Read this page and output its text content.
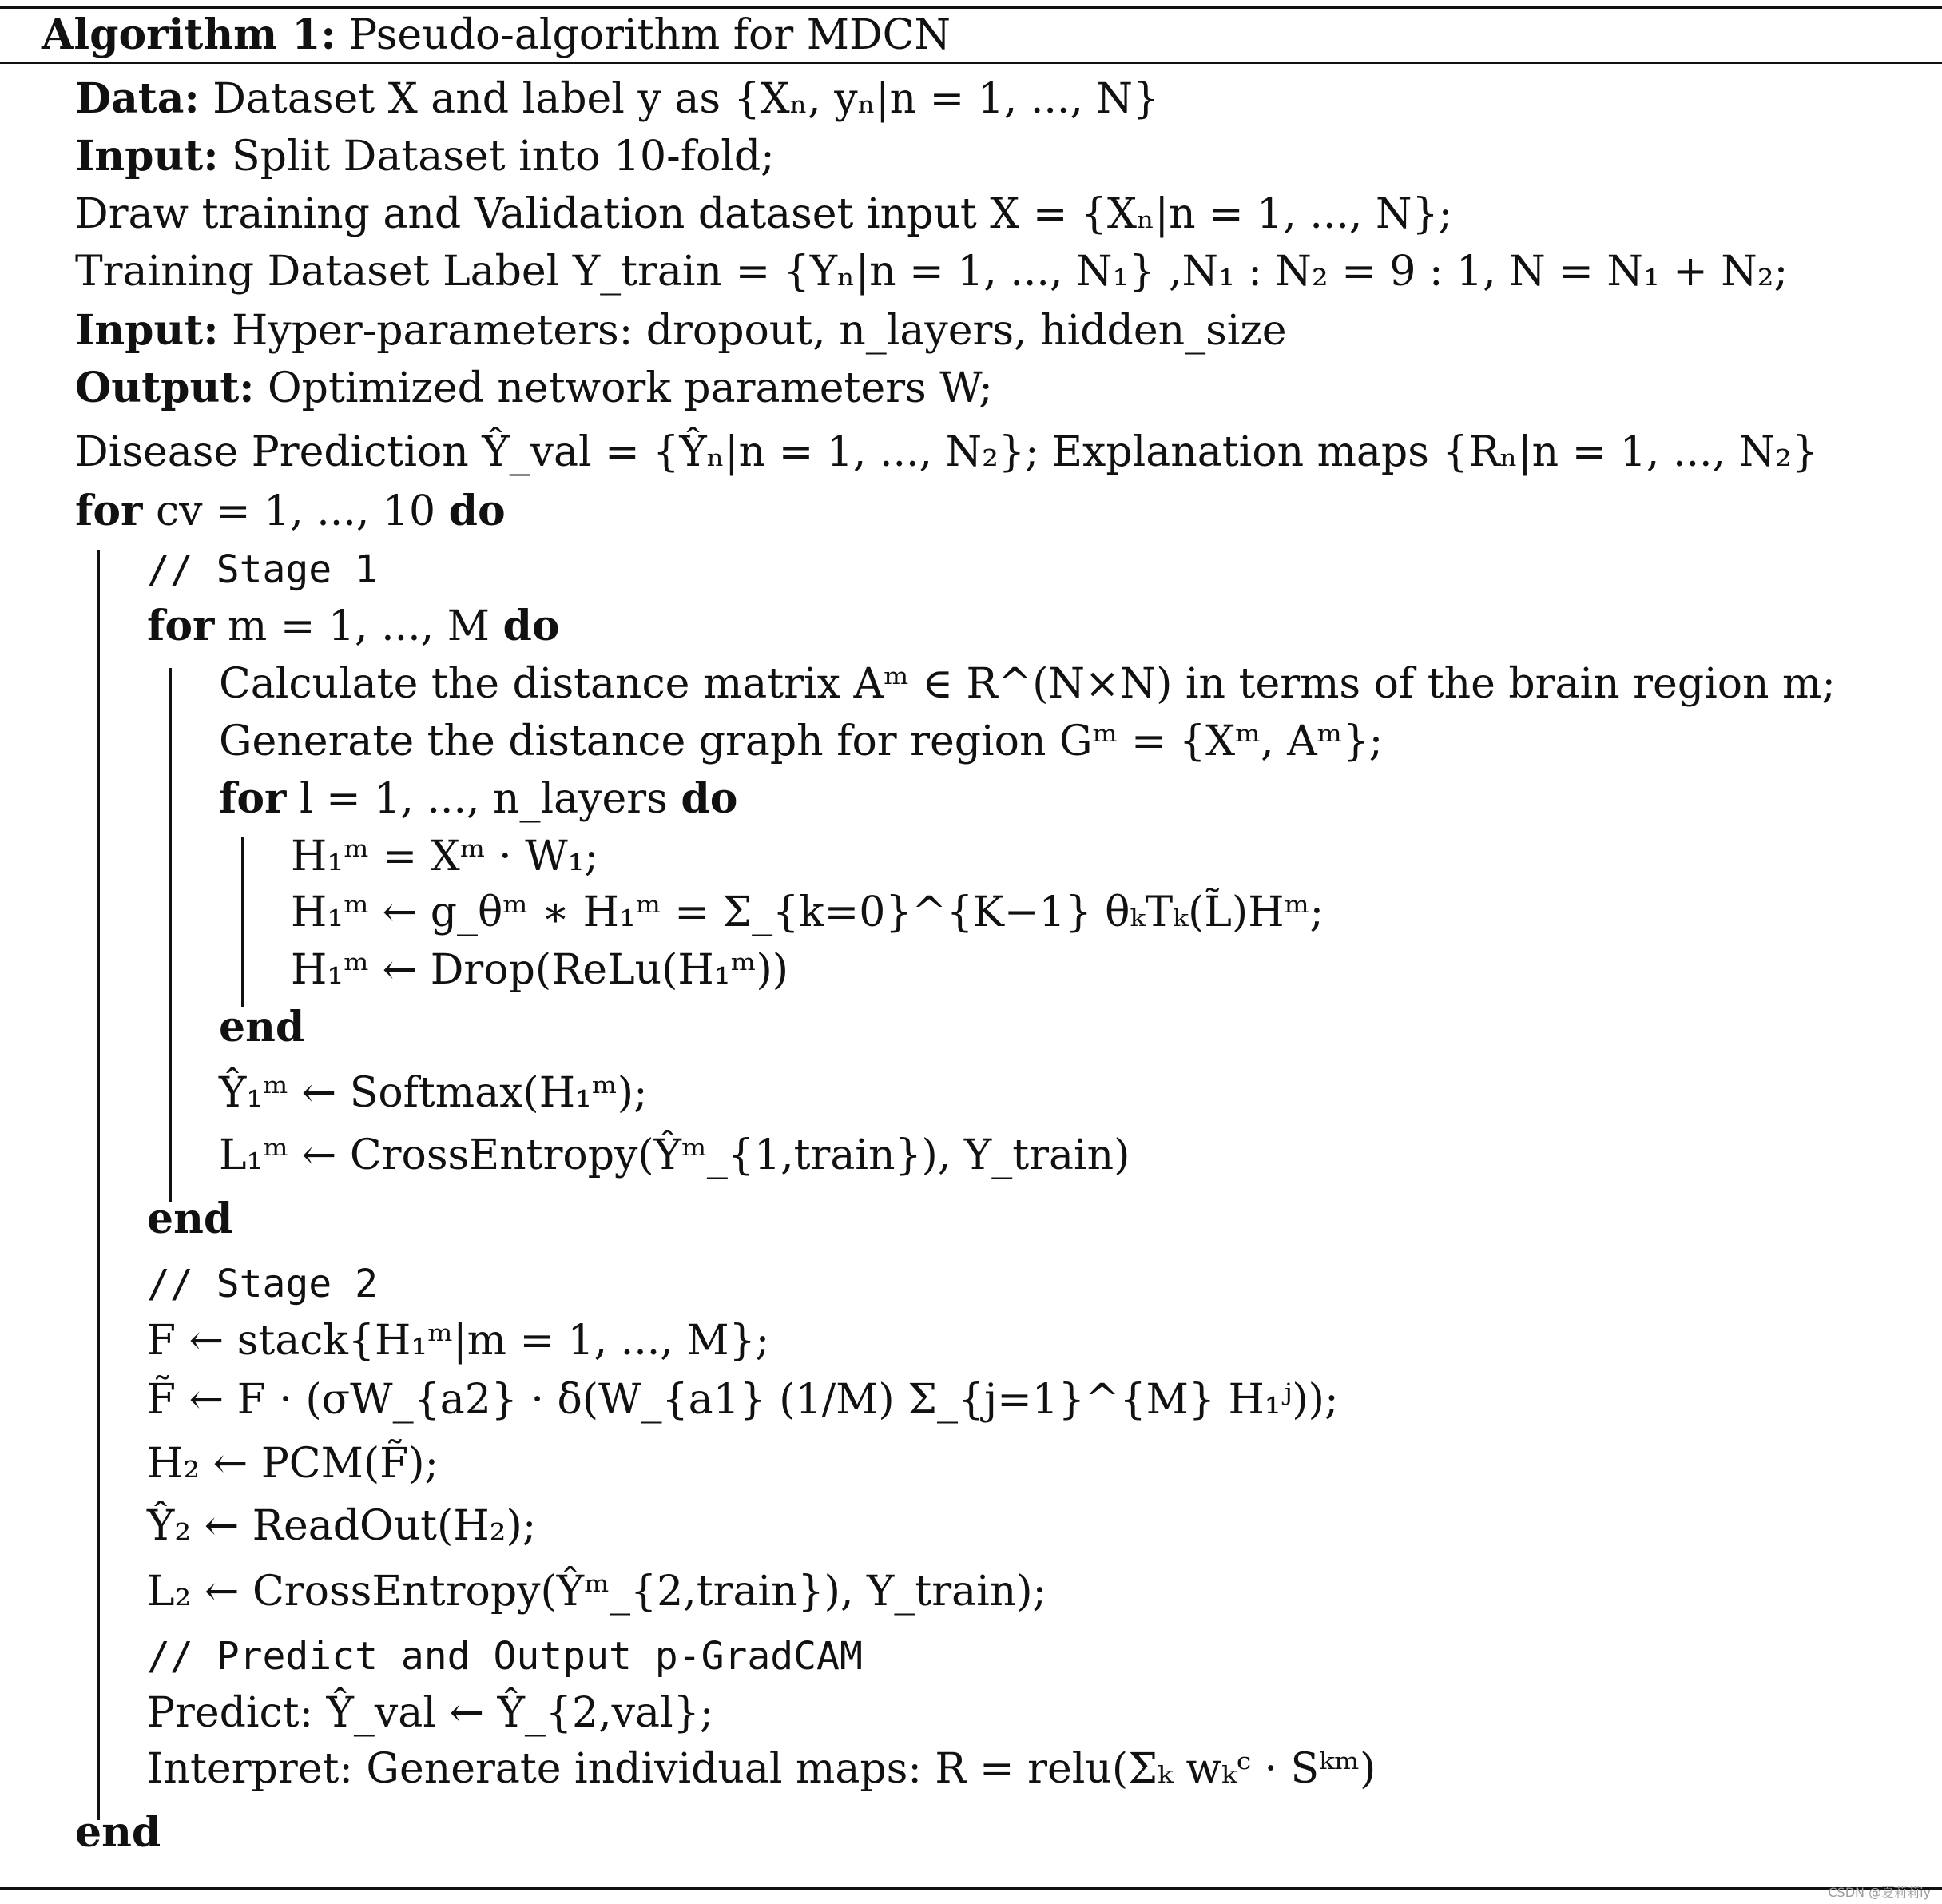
Algorithm 1: Pseudo-algorithm for MDCN
Data: Dataset X and label y as {Xₙ, yₙ|n = 1, ..., N}
Input: Split Dataset into 10-fold;
Draw training and Validation dataset input X = {Xₙ|n = 1, ..., N};
Training Dataset Label Y_train = {Yₙ|n = 1, ..., N₁} ,N₁ : N₂ = 9 : 1, N = N₁ + N₂;
Input: Hyper-parameters: dropout, n_layers, hidden_size
Output: Optimized network parameters W;
Disease Prediction Ŷ_val = {Ŷₙ|n = 1, ..., N₂}; Explanation maps {Rₙ|n = 1, ..., N₂}
for cv = 1, ..., 10 do
// Stage 1
for m = 1, ..., M do
Calculate the distance matrix Aᵐ ∈ R^(N×N) in terms of the brain region m;
Generate the distance graph for region Gᵐ = {Xᵐ, Aᵐ};
for l = 1, ..., n_layers do
H₁ᵐ = Xᵐ · W₁;
H₁ᵐ ← g_θᵐ ∗ H₁ᵐ = Σ_{k=0}^{K−1} θₖTₖ(L̃)Hᵐ;
H₁ᵐ ← Drop(ReLu(H₁ᵐ))
end
Ŷ₁ᵐ ← Softmax(H₁ᵐ);
L₁ᵐ ← CrossEntropy(Ŷᵐ_{1,train}), Y_train)
end
// Stage 2
F ← stack{H₁ᵐ|m = 1, ..., M};
F̃ ← F · (σW_{a2} · δ(W_{a1} (1/M) Σ_{j=1}^{M} H₁ʲ));
H₂ ← PCM(F̃);
Ŷ₂ ← ReadOut(H₂);
L₂ ← CrossEntropy(Ŷᵐ_{2,train}), Y_train);
// Predict and Output p-GradCAM
Predict: Ŷ_val ← Ŷ_{2,val};
Interpret: Generate individual maps: R = relu(Σₖ wₖᶜ · Sᵏᵐ)
end
CSDN @夏莉莉iy
